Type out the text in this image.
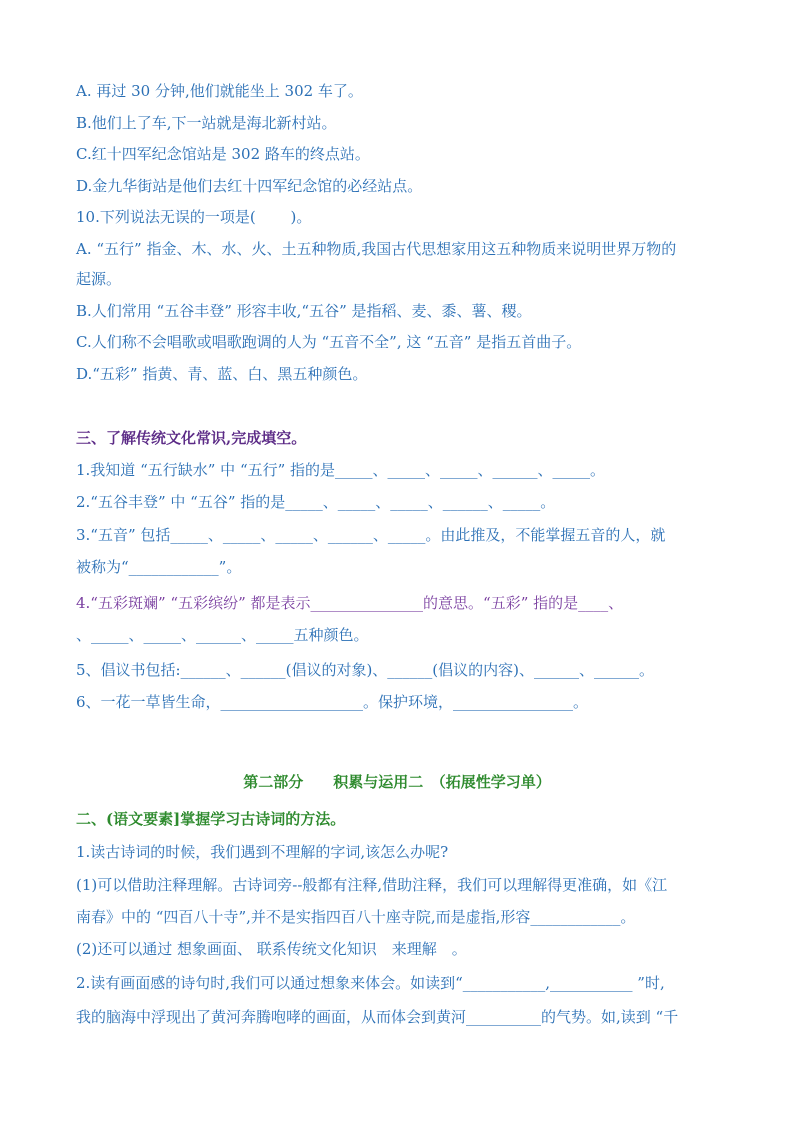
A. 再过 30 分钟,他们就能坐上 302 车了。
B.他们上了车,下一站就是海北新村站。
C.红十四军纪念馆站是 302 路车的终点站。
D.金九华街站是他们去红十四军纪念馆的必经站点。
10.下列说法无误的一项是(　　 )。
A. “五行” 指金、木、水、火、土五种物质,我国古代思想家用这五种物质来说明世界万物的
起源。
B.人们常用 “五谷丰登” 形容丰收,“五谷” 是指稻、麦、黍、薯、稷。
C.人们称不会唱歌或唱歌跑调的人为 “五音不全”, 这 “五音” 是指五首曲子。
D.“五彩” 指黄、青、蓝、白、黑五种颜色。
三、了解传统文化常识,完成填空。
1.我知道 “五行缺水” 中 “五行” 指的是_____、_____、_____、______、_____。
2.“五谷丰登” 中 “五谷” 指的是_____、_____、_____、______、_____。
3.“五音” 包括_____、_____、_____、______、_____。由此推及，不能掌握五音的人，就
被称为“____________”。
4.“五彩斑斓” “五彩缤纷” 都是表示_______________的意思。“五彩” 指的是____、
、_____、_____、______、_____五种颜色。
5、倡议书包括:______、______(倡议的对象)、______(倡议的内容)、______、______。
6、一花一草皆生命，___________________。保护环境，________________。
第二部分　　积累与运用二　（拓展性学习单）
二、(语文要素]掌握学习古诗词的方法。
1.读古诗词的时候，我们遇到不理解的字词,该怎么办呢?
(1)可以借助注释理解。古诗词旁--般都有注释,借助注释，我们可以理解得更准确，如《江
南春》中的 “四百八十寺”,并不是实指四百八十座寺院,而是虚指,形容____________。
(2)还可以通过 想象画面、 联系传统文化知识　来理解　。
2.读有画面感的诗句时,我们可以通过想象来体会。如读到“___________,___________ ”时,
我的脑海中浮现出了黄河奔腾咆哮的画面，从而体会到黄河__________的气势。如,读到 “千
